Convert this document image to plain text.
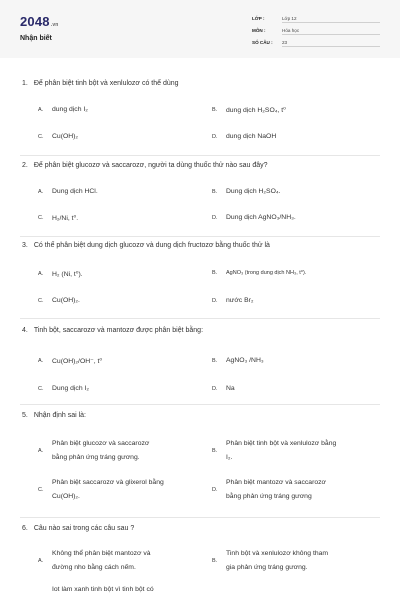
2048.vn
Nhận biết
LỚP :	Lớp 12
MÔN :	Hóa học
SỐ CÂU :	23
1. Để phân biệt tinh bột và xenlulozơ có thể dùng
A.	dung dịch I₂	B.	dung dịch H₂SO₄, t⁰
C.	Cu(OH)₂	D.	dung dịch NaOH
2. Để phân biệt glucozơ và saccarozơ, người ta dùng thuốc thử nào sau đây?
A.	Dung dịch HCl.	B.	Dung dịch H₂SO₄.
C.	H₂/Ni, t⁰.	D.	Dung dịch AgNO₃/NH₃.
3. Có thể phân biệt dung dịch glucozơ và dung dịch fructozơ bằng thuốc thử là
A.	H₂ (Ni, t⁰).	B.	AgNO₃ (trong dung dịch NH₃, t⁰).
C.	Cu(OH)₂.	D.	nước Br₂
4. Tinh bột, saccarozơ và mantozơ được phân biệt bằng:
A.	Cu(OH)₂/OH⁻, t⁰	B.	AgNO₃ /NH₃
C.	Dung dịch I₂	D.	Na
5. Nhận định sai là:
A.
Phân biệt glucozơ và saccarozơ
bằng phản ứng tráng gương.
B.
Phân biệt tinh bột và xenlulozơ bằng
I₂.
C.
Phân biệt saccarozơ và glixerol bằng
Cu(OH)₂.
D.
Phân biệt mantozơ và saccarozơ
bằng phản ứng tráng gương
6. Câu nào sai trong các câu sau ?
A.
Không thể phân biệt mantozơ và
đường nho bằng cách nếm.
B.
Tinh bột và xenlulozơ không tham
gia phản ứng tráng gương.
Iot làm xanh tinh bột vì tinh bột có
